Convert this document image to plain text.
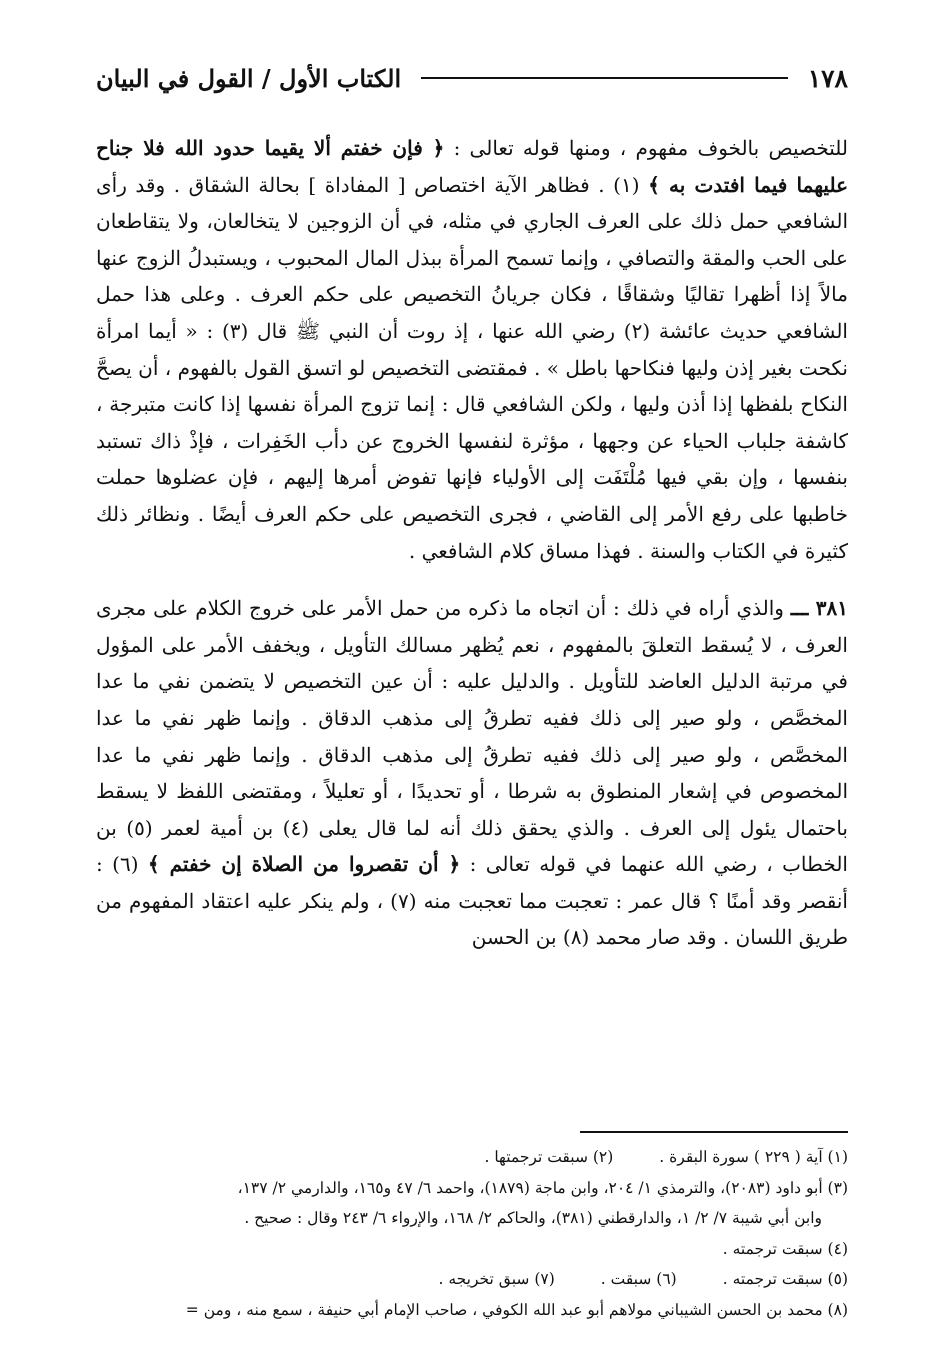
١٧٨
الكتاب الأول / القول في البيان

للتخصيص بالخوف مفهوم ، ومنها قوله تعالى : ﴿ فإن خفتم ألا يقيما حدود الله فلا جناح عليهما فيما افتدت به ﴾ (١) . فظاهر الآية اختصاص [ المفاداة ] بحالة الشقاق . وقد رأى الشافعي حمل ذلك على العرف الجاري في مثله، في أن الزوجين لا يتخالعان، ولا يتقاطعان على الحب والمقة والتصافي ، وإنما تسمح المرأة ببذل المال المحبوب ، ويستبدلُ الزوج عنها مالاً إذا أظهرا تقاليًا وشقاقًا ، فكان جريانُ التخصيص على حكم العرف . وعلى هذا حمل الشافعي حديث عائشة (٢) رضي الله عنها ، إذ روت أن النبي ﷺ قال (٣) : « أيما امرأة نكحت بغير إذن وليها فنكاحها باطل » . فمقتضى التخصيص لو اتسق القول بالفهوم ، أن يصحَّ النكاح بلفظها إذا أذن وليها ، ولكن الشافعي قال : إنما تزوج المرأة نفسها إذا كانت متبرجة ، كاشفة جلباب الحياء عن وجهها ، مؤثرة لنفسها الخروج عن دأب الخَفِرات ، فإذْ ذاك تستبد بنفسها ، وإن بقي فيها مُلْتَفَت إلى الأولياء فإنها تفوض أمرها إليهم ، فإن عضلوها حملت خاطبها على رفع الأمر إلى القاضي ، فجرى التخصيص على حكم العرف أيضًا . ونظائر ذلك كثيرة في الكتاب والسنة . فهذا مساق كلام الشافعي .

٣٨١ ـــ والذي أراه في ذلك : أن اتجاه ما ذكره من حمل الأمر على خروج الكلام على مجرى العرف ، لا يُسقط التعلقَ بالمفهوم ، نعم يُظهر مسالك التأويل ، ويخفف الأمر على المؤول في مرتبة الدليل العاضد للتأويل . والدليل عليه : أن عين التخصيص لا يتضمن نفي ما عدا المخصَّص ، ولو صير إلى ذلك ففيه تطرقُ إلى مذهب الدقاق . وإنما ظهر نفي ما عدا المخصَّص ، ولو صير إلى ذلك ففيه تطرقُ إلى مذهب الدقاق . وإنما ظهر نفي ما عدا المخصوص في إشعار المنطوق به شرطا ، أو تحديدًا ، أو تعليلاً ، ومقتضى اللفظ لا يسقط باحتمال يئول إلى العرف . والذي يحقق ذلك أنه لما قال يعلى (٤) بن أمية لعمر (٥) بن الخطاب ، رضي الله عنهما في قوله تعالى : ﴿ أن تقصروا من الصلاة إن خفتم ﴾ (٦) : أنقصر وقد أمنًا ؟ قال عمر : تعجبت مما تعجبت منه (٧) ، ولم ينكر عليه اعتقاد المفهوم من طريق اللسان . وقد صار محمد (٨) بن الحسن

(١) آية ( ٢٢٩ ) سورة البقرة .(٢) سبقت ترجمتها .

(٣) أبو داود (٢٠٨٣)، والترمذي ١/ ٢٠٤، وابن ماجة (١٨٧٩)، واحمد ٦/ ٤٧ و١٦٥، والدارمي ٢/ ١٣٧،

وابن أبي شيبة ٧/ ٢/ ١، والدارقطني (٣٨١)، والحاكم ٢/ ١٦٨، والإرواء ٦/ ٢٤٣ وقال : صحيح .

(٤) سبقت ترجمته .

(٥) سبقت ترجمته .(٦) سبقت .(٧) سبق تخريجه .

(٨) محمد بن الحسن الشيباني مولاهم أبو عبد الله الكوفي ، صاحب الإمام أبي حنيفة ، سمع منه ، ومن =
